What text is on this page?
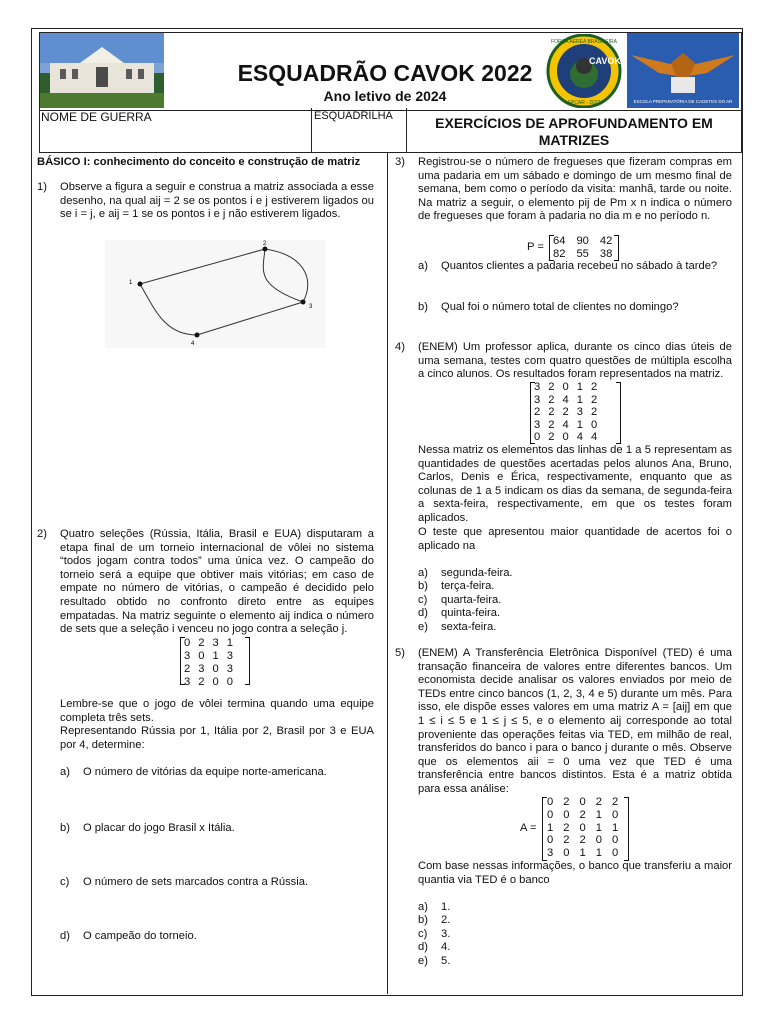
CAVOK
FORÇA AÉREA BRASILEIRA
EPCAR - 2022	ESCOLA PREPARATÓRIA DE CADETES DO AR
ESQUADRÃO CAVOK 2022
Ano letivo de 2024
NOME DE GUERRA	ESQUADRILHA	EXERCÍCIOS DE APROFUNDAMENTO EM MATRIZES
BÁSICO I: conhecimento do conceito e construção de matriz
1) Observe a figura a seguir e construa a matriz associada a esse desenho, na qual aij = 2 se os pontos i e j estiverem ligados ou se i = j, e aij = 1 se os pontos i e j não estiverem ligados.
1
2
3
4
2) Quatro seleções (Rússia, Itália, Brasil e EUA) disputaram a etapa final de um torneio internacional de vôlei no sistema “todos jogam contra todos” uma única vez. O campeão do torneio será a equipe que obtiver mais vitórias; em caso de empate no número de vitórias, o campeão é decidido pelo resultado obtido no confronto direto entre as equipes empatadas. Na matriz seguinte o elemento aij indica o número de sets que a seleção i venceu no jogo contra a seleção j.
0	2	3	1
3	0	1	3
2	3	0	3
3	2	0	0
Lembre-se que o jogo de vôlei termina quando uma equipe completa três sets.
Representando Rússia por 1, Itália por 2, Brasil por 3 e EUA por 4, determine:
a) O número de vitórias da equipe norte-americana.
b) O placar do jogo Brasil x Itália.
c) O número de sets marcados contra a Rússia.
d) O campeão do torneio.
3) Registrou-se o número de fregueses que fizeram compras em uma padaria em um sábado e domingo de um mesmo final de semana, bem como o período da visita: manhã, tarde ou noite. Na matriz a seguir, o elemento pij de Pm x n indica o número de fregueses que foram à padaria no dia m e no período n.
P = 64	90	42
82	55	38
a) Quantos clientes a padaria recebeu no sábado à tarde?
b) Qual foi o número total de clientes no domingo?
4) (ENEM) Um professor aplica, durante os cinco dias úteis de uma semana, testes com quatro questões de múltipla escolha a cinco alunos. Os resultados foram representados na matriz.
3	2	0	1	2
3	2	4	1	2
2	2	2	3	2
3	2	4	1	0
0	2	0	4	4
Nessa matriz os elementos das linhas de 1 a 5 representam as quantidades de questões acertadas pelos alunos Ana, Bruno, Carlos, Denis e Érica, respectivamente, enquanto que as colunas de 1 a 5 indicam os dias da semana, de segunda-feira a sexta-feira, respectivamente, em que os testes foram aplicados.
O teste que apresentou maior quantidade de acertos foi o aplicado na
a) segunda-feira.
b) terça-feira.
c) quarta-feira.
d) quinta-feira.
e) sexta-feira.
5) (ENEM) A Transferência Eletrônica Disponível (TED) é uma transação financeira de valores entre diferentes bancos. Um economista decide analisar os valores enviados por meio de TEDs entre cinco bancos (1, 2, 3, 4 e 5) durante um mês. Para isso, ele dispõe esses valores em uma matriz A = [aij] em que 1 ≤ i ≤ 5 e 1 ≤ j ≤ 5, e o elemento aij corresponde ao total proveniente das operações feitas via TED, em milhão de real, transferidos do banco i para o banco j durante o mês. Observe que os elementos aii = 0 uma vez que TED é uma transferência entre bancos distintos. Esta é a matriz obtida para essa análise:
A =
0	2	0	2	2
0	0	2	1	0
1	2	0	1	1
0	2	2	0	0
3	0	1	1	0
Com base nessas informações, o banco que transferiu a maior quantia via TED é o banco
a) 1.
b) 2.
c) 3.
d) 4.
e) 5.
